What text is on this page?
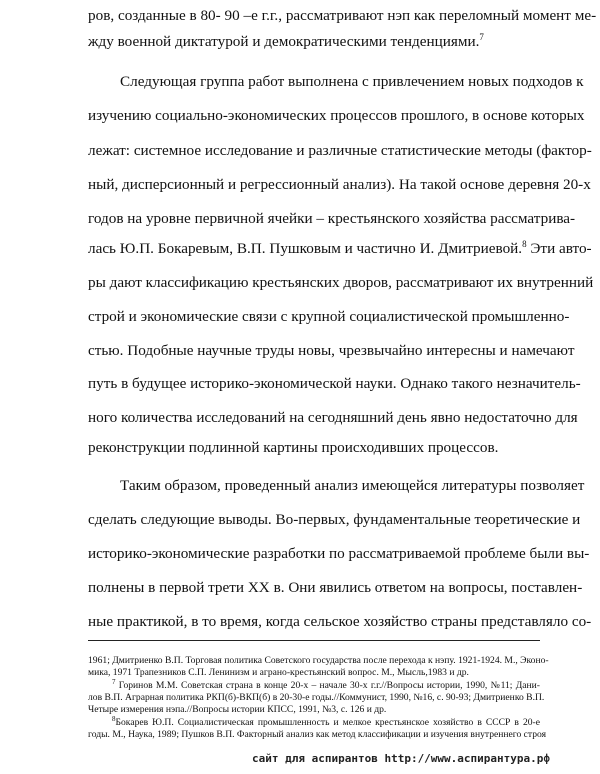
ров, созданные в 80- 90 –е г.г., рассматривают нэп как переломный момент ме-
жду военной диктатурой и демократическими тенденциями.$^7$
Следующая группа работ выполнена с привлечением новых подходов к
изучению социально-экономических процессов прошлого, в основе которых
лежат: системное исследование и различные статистические методы (фактор-
ный, дисперсионный и регрессионный анализ). На такой основе деревня 20-х
годов на уровне первичной ячейки – крестьянского хозяйства рассматрива-
лась Ю.П. Бокаревым, В.П. Пушковым и частично И. Дмитриевой.$^8$ Эти авто-
ры дают классификацию крестьянских дворов, рассматривают их внутренний
строй и экономические связи с крупной социалистической промышленно-
стью. Подобные научные труды новы, чрезвычайно интересны и намечают
путь в будущее историко-экономической науки. Однако такого незначитель-
ного количества исследований на сегодняшний день явно недостаточно для
реконструкции подлинной картины происходивших процессов.
Таким образом, проведенный анализ имеющейся литературы позволяет
сделать следующие выводы. Во-первых, фундаментальные теоретические и
историко-экономические разработки по рассматриваемой проблеме были вы-
полнены в первой трети XX в. Они явились ответом на вопросы, поставлен-
ные практикой, в то время, когда сельское хозяйство страны представляло со-
1961; Дмитриенко В.П. Торговая политика Советского государства после перехода к нэпу. 1921-1924. М., Эконо-
мика, 1971 Трапезников С.П. Ленинизм и аграно-крестьянский вопрос. М., Мысль,1983 и др.
$^7$ Горинов М.М. Советская страна в конце 20-х – начале 30-х г.г.//Вопросы истории, 1990, №11; Дани-
лов В.П. Аграрная политика РКП(б)-ВКП(б) в 20-30-е годы.//Коммунист, 1990, №16, с. 90-93; Дмитриенко В.П.
Четыре измерения нэпа.//Вопросы истории КПСС, 1991, №3, с. 126 и др.
$^8$Бокарев Ю.П. Социалистическая промышленность и мелкое крестьянское хозяйство в СССР в 20-е
годы. М., Наука, 1989; Пушков В.П. Факторный анализ как метод классификации и изучения внутреннего строя
сайт для аспирантов http://www.аспирантура.рф
